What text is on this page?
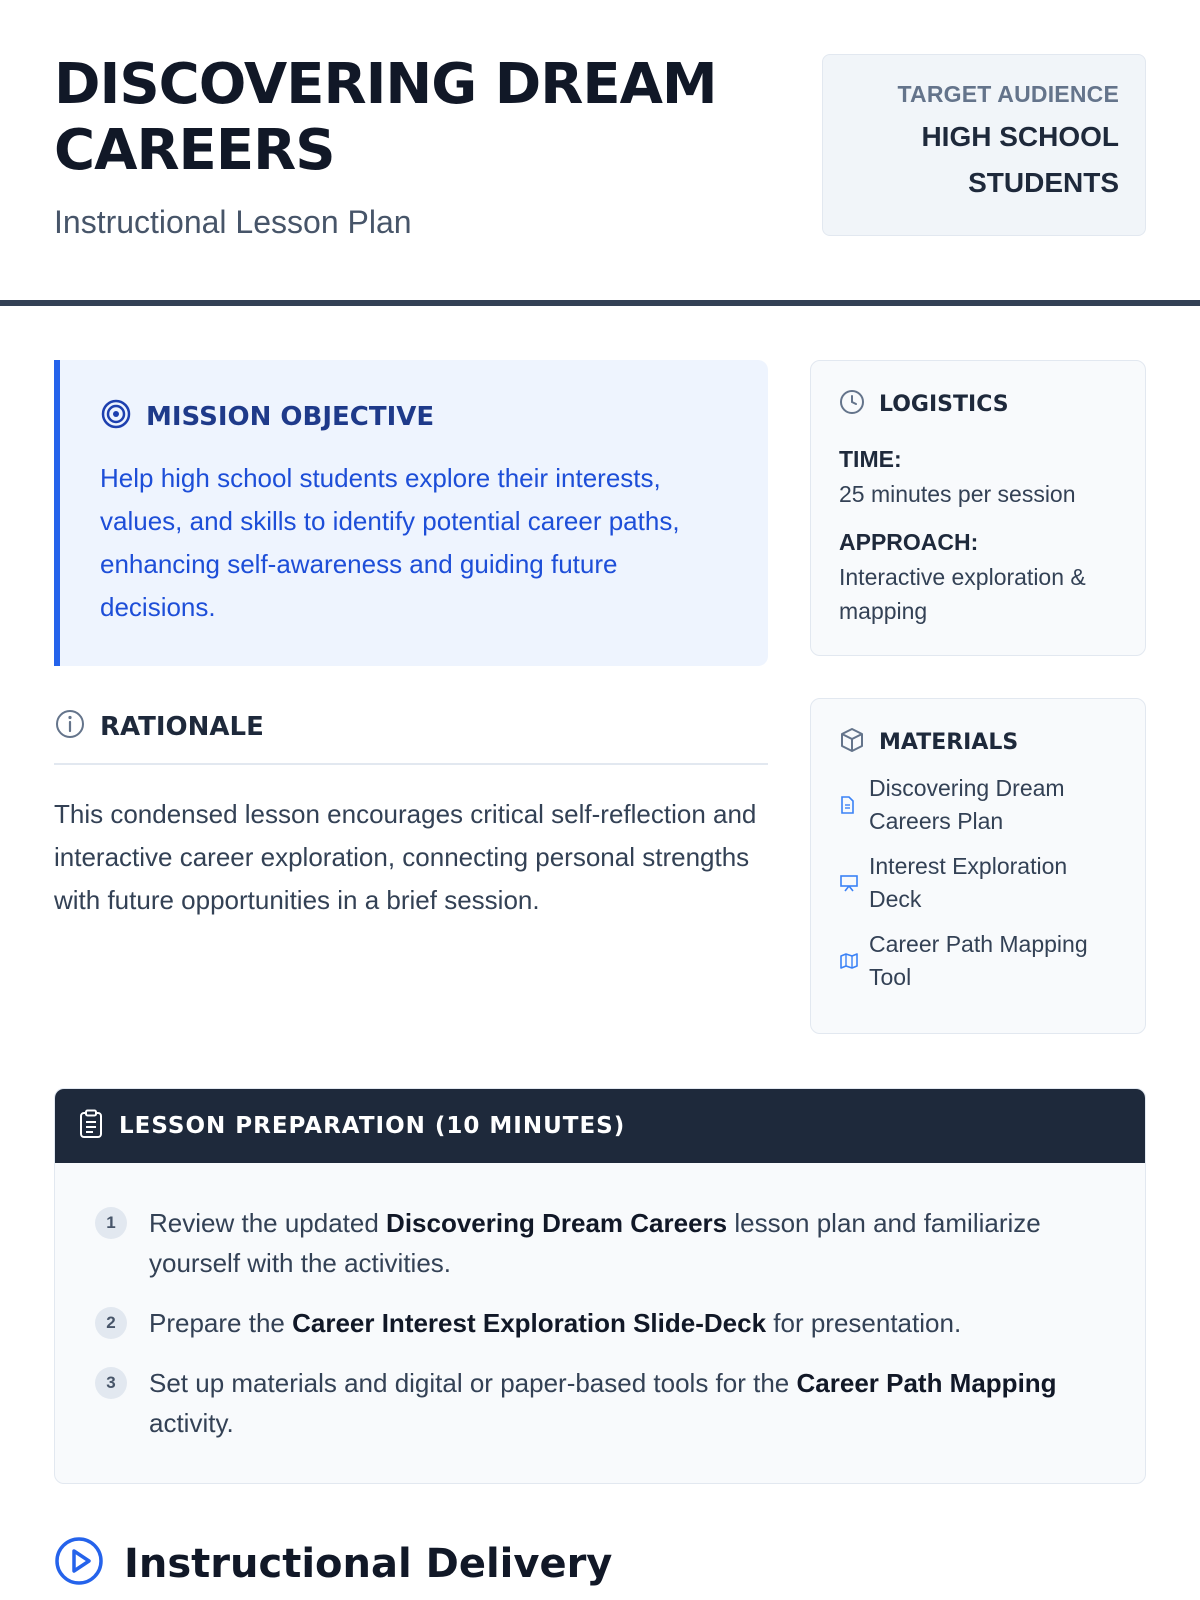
DISCOVERING DREAM CAREERS
Instructional Lesson Plan
TARGET AUDIENCE
HIGH SCHOOL STUDENTS
MISSION OBJECTIVE

Help high school students explore their interests, values, and skills to identify potential career paths, enhancing self-awareness and guiding future decisions.

RATIONALE

This condensed lesson encourages critical self-reflection and interactive career exploration, connecting personal strengths with future opportunities in a brief session.

LOGISTICS
TIME:
25 minutes per session
APPROACH:
Interactive exploration & mapping
MATERIALS
Discovering Dream Careers Plan
Interest Exploration Deck
Career Path Mapping Tool
LESSON PREPARATION (10 MINUTES)
1	Review the updated Discovering Dream Careers lesson plan and familiarize yourself with the activities.

2	Prepare the Career Interest Exploration Slide-Deck for presentation.

3	Set up materials and digital or paper-based tools for the Career Path Mapping activity.

Instructional Delivery
